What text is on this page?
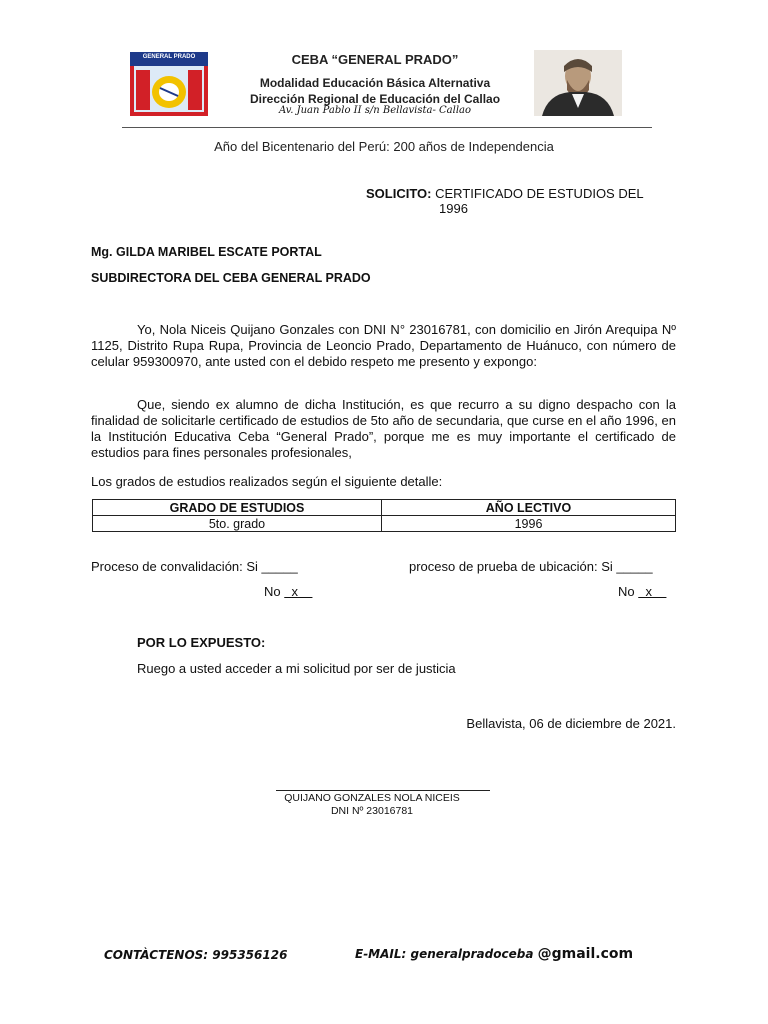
GENERAL PRADO	CEBA “GENERAL PRADO”
Modalidad Educación Básica Alternativa
Dirección Regional de Educación del Callao
Av. Juan Pablo II s/n Bellavista- Callao
Año del Bicentenario del Perú: 200 años de Independencia
SOLICITO: CERTIFICADO DE ESTUDIOS DEL
1996
Mg. GILDA MARIBEL ESCATE PORTAL
SUBDIRECTORA DEL CEBA GENERAL PRADO
Yo, Nola Niceis Quijano Gonzales con DNI N° 23016781, con domicilio en Jirón Arequipa Nº 1125, Distrito Rupa Rupa, Provincia de Leoncio Prado, Departamento de Huánuco, con número de celular 959300970, ante usted con el debido respeto me presento y expongo:
Que, siendo ex alumno de dicha Institución, es que recurro a su digno despacho con la finalidad de solicitarle certificado de estudios de 5to año de secundaria, que curse en el año 1996, en la Institución Educativa Ceba “General Prado”, porque me es muy importante el certificado de estudios para fines personales profesionales,
Los grados de estudios realizados según el siguiente detalle:
GRADO DE ESTUDIOS	AÑO LECTIVO
5to. grado	1996
Proceso de convalidación: Si _____	proceso de prueba de ubicación: Si _____
No x	No x
POR LO EXPUESTO:
Ruego a usted acceder a mi solicitud por ser de justicia
Bellavista, 06 de diciembre de 2021.
QUIJANO GONZALES NOLA NICEIS
DNI Nº 23016781
CONTÀCTENOS: 995356126	E-MAIL: generalpradoceba @gmail.com
